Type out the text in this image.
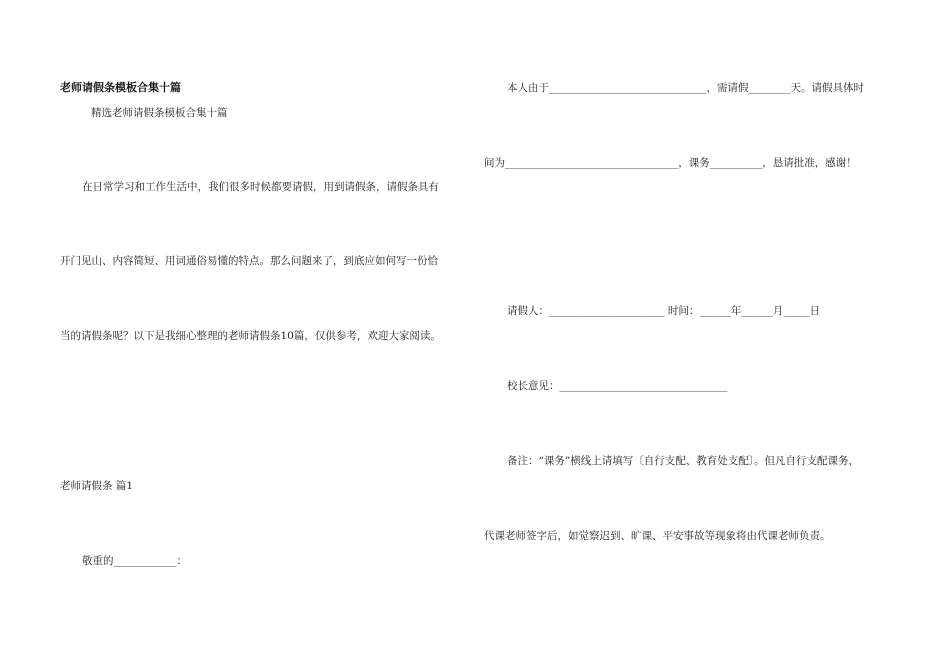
老师请假条模板合集十篇
精选老师请假条模板合集十篇
在日常学习和工作生活中，我们很多时候都要请假，用到请假条，请假条具有
开门见山、内容简短、用词通俗易懂的特点。那么问题来了，到底应如何写一份恰
当的请假条呢？以下是我细心整理的老师请假条10篇，仅供参考，欢迎大家阅读。
老师请假条 篇1
敬重的____________：
本人由于______________________________，需请假________天。请假具体时
间为_________________________________，课务__________，恳请批准，感谢！
请假人：______________________ 时间：______年______月_____日
校长意见：________________________________
备注：“课务”横线上请填写〔自行支配、教育处支配〕。但凡自行支配课务，
代课老师签字后，如觉察迟到、旷课、平安事故等现象将由代课老师负责。
